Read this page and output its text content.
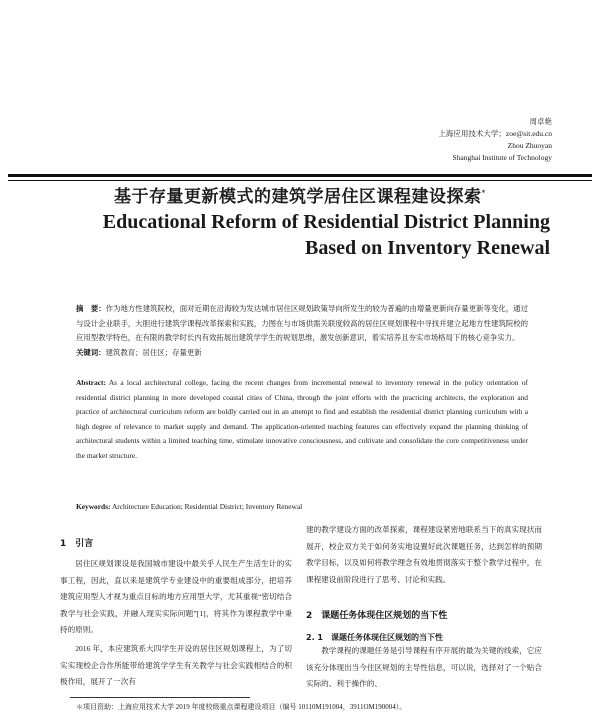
周卓艳
上海应用技术大学；zoe@sit.edu.cn
Zhou Zhuoyan
Shanghai Institute of Technology
基于存量更新模式的建筑学居住区课程建设探索*
Educational Reform of Residential District Planning
Based on Inventory Renewal
摘　要：作为地方性建筑院校，面对近期在沿海较为发达城市居住区规划政策导向所发生的较为普遍的由增量更新向存量更新等变化，通过与设计企业联手，大胆进行建筑学课程改革探索和实践，力图在与市场供需关联度较高的居住区规划课程中寻找并建立起地方性建筑院校的应用型教学特色，在有限的教学时长内有效拓展出建筑学学生的规划思维，激发创新意识，着实培养且夯实市场格局下的核心竞争实力。
关键词：建筑教育；居住区；存量更新
Abstract: As a local architectural college, facing the recent changes from incremental renewal to inventory renewal in the policy orientation of residential district planning in more developed coastal cities of China, through the joint efforts with the practicing architects, the exploration and practice of architectural curriculum reform are boldly carried out in an attempt to find and establish the residential district planning curriculum with a high degree of relevance to market supply and demand. The application-oriented teaching features can effectively expand the planning thinking of architectural students within a limited teaching time, stimulate innovative consciousness, and cultivate and consolidate the core competitiveness under the market structure.
Keywords: Architecture Education; Residential District; Inventory Renewal
1　引言
居住区规划课设是我国城市建设中最关乎人民生产生活生计的实事工程，因此，直以来是建筑学专业建设中的重要组成部分，把培养建筑应用型人才视为重点目标的地方应用型大学，尤其重视“密切结合教学与社会实践，并融入现实实际问题”[1]，将其作为课程教学中秉持的原则。
2016 年，本应建筑系大四学生开设的居住区规划课程上，为了切实实现校企合作所能带给建筑学学生有关教学与社会实践相结合的积极作用，展开了一次有
建的教学建设方面的改革探索，课程建设紧密地联系当下的真实现状而展开，校企双方关于如何务实地设置好此次课题任务，达到怎样的预期教学目标，以及如何将教学理念有效地贯彻落实于整个教学过程中，在课程建设前阶段进行了思考、讨论和实践。
2　课题任务体现住区规划的当下性
2. 1　课题任务体现住区规划的当下性
教学课程的课题任务是引导课程有序开展的最为关键的线索，它应该充分体现出当今住区规划的主导性信息，可以说，选择对了一个贴合实际的、利于操作的、
＊项目资助：上海应用技术大学 2019 年度校级重点课程建设项目（编号 10110M191004，3911OM190004）。
